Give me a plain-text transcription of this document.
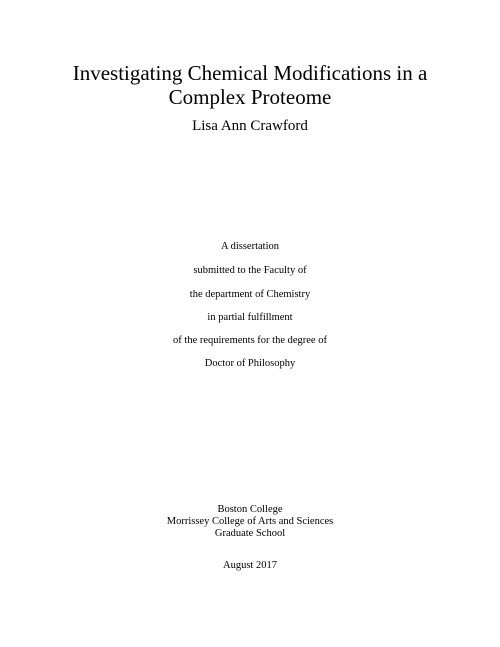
Investigating Chemical Modifications in a
Complex Proteome
Lisa Ann Crawford
A dissertation
submitted to the Faculty of
the department of Chemistry
in partial fulfillment
of the requirements for the degree of
Doctor of Philosophy
Boston College
Morrissey College of Arts and Sciences
Graduate School
August 2017
